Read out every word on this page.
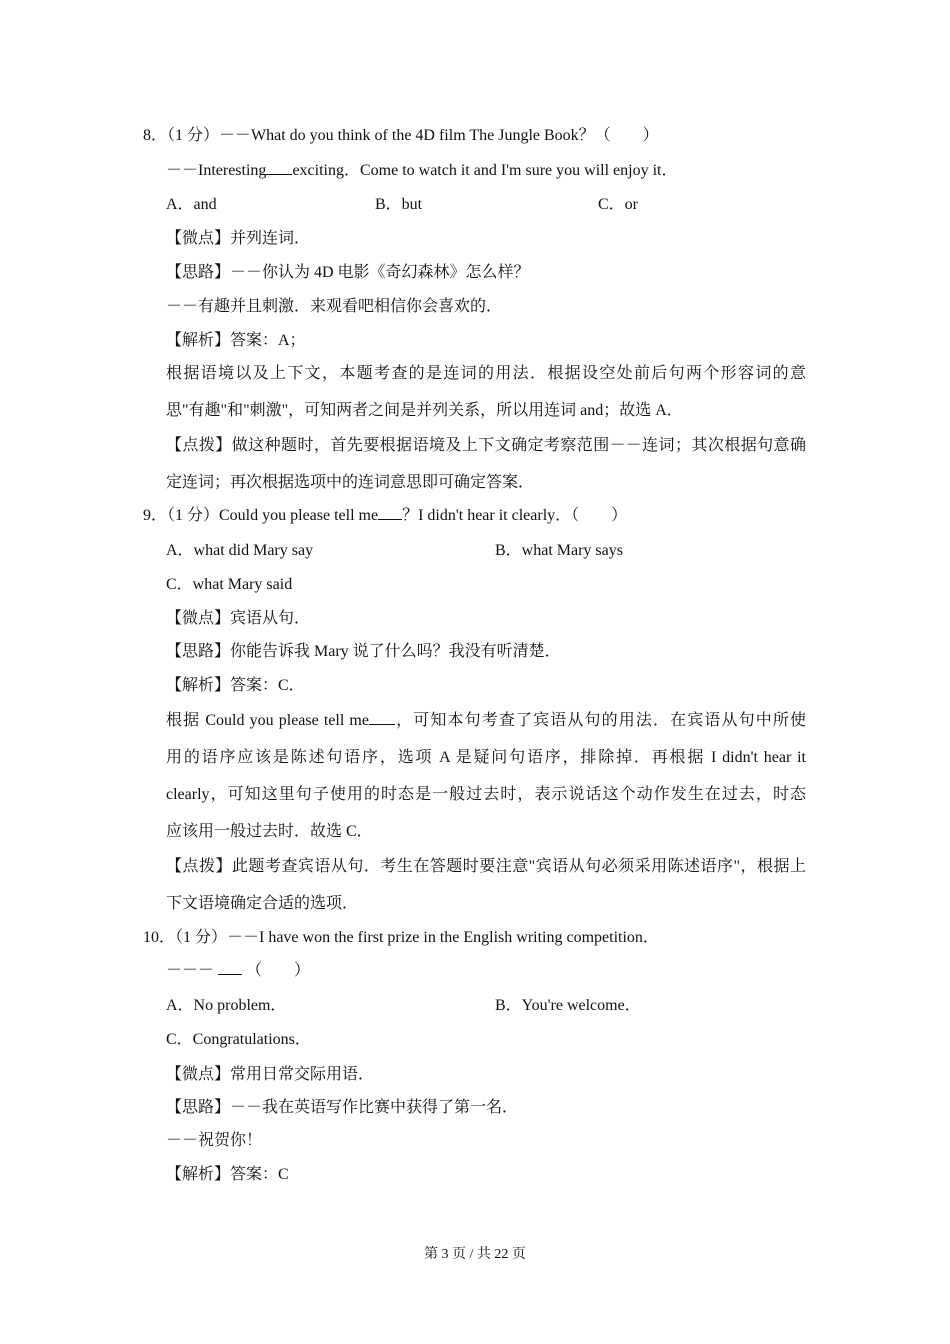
8．（1 分）－－What do you think of the 4D film The Jungle Book？（　　）
－－Interesting exciting．Come to watch it and I'm sure you will enjoy it．
A．and	B．but	C．or
【微点】并列连词．
【思路】－－你认为 4D 电影《奇幻森林》怎么样？
－－有趣并且刺激．来观看吧相信你会喜欢的．
【解析】答案：A；
根据语境以及上下文，本题考查的是连词的用法．根据设空处前后句两个形容词的意
思"有趣"和"刺激"，可知两者之间是并列关系，所以用连词 and；故选 A．
【点拨】做这种题时，首先要根据语境及上下文确定考察范围－－连词；其次根据句意确
定连词；再次根据选项中的连词意思即可确定答案．
9．（1 分）Could you please tell me ？I didn't hear it clearly．（　　）
A．what did Mary say	B．what Mary says
C．what Mary said
【微点】宾语从句．
【思路】你能告诉我 Mary 说了什么吗？我没有听清楚．
【解析】答案：C．
根据 Could you please tell me ，可知本句考查了宾语从句的用法．在宾语从句中所使
用的语序应该是陈述句语序，选项 A 是疑问句语序，排除掉．再根据 I didn't hear it
clearly，可知这里句子使用的时态是一般过去时，表示说话这个动作发生在过去，时态
应该用一般过去时．故选 C．
【点拨】此题考查宾语从句．考生在答题时要注意"宾语从句必须采用陈述语序"，根据上
下文语境确定合适的选项．
10．（1 分）－－I have won the first prize in the English writing competition．
－－－ （　　）
A．No problem．	B．You're welcome．
C．Congratulations．
【微点】常用日常交际用语．
【思路】－－我在英语写作比赛中获得了第一名．
－－祝贺你！
【解析】答案：C
第 3 页 / 共 22 页
